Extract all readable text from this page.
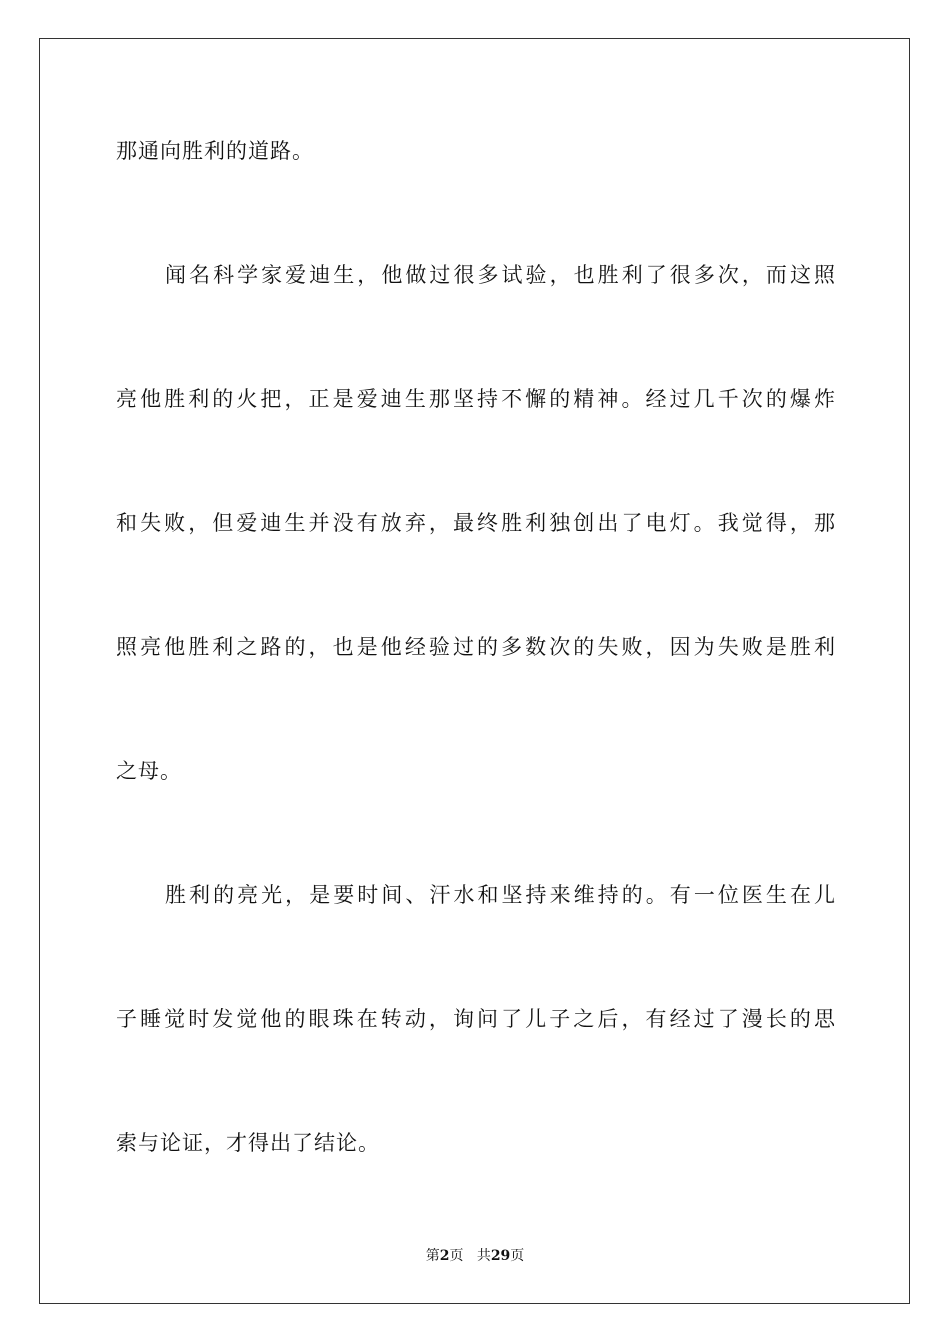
那通向胜利的道路。
闻名科学家爱迪生，他做过很多试验，也胜利了很多次，而这照
亮他胜利的火把，正是爱迪生那坚持不懈的精神。经过几千次的爆炸
和失败，但爱迪生并没有放弃，最终胜利独创出了电灯。我觉得，那
照亮他胜利之路的，也是他经验过的多数次的失败，因为失败是胜利
之母。
胜利的亮光，是要时间、汗水和坚持来维持的。有一位医生在儿
子睡觉时发觉他的眼珠在转动，询问了儿子之后，有经过了漫长的思
索与论证，才得出了结论。
第2页 共29页
